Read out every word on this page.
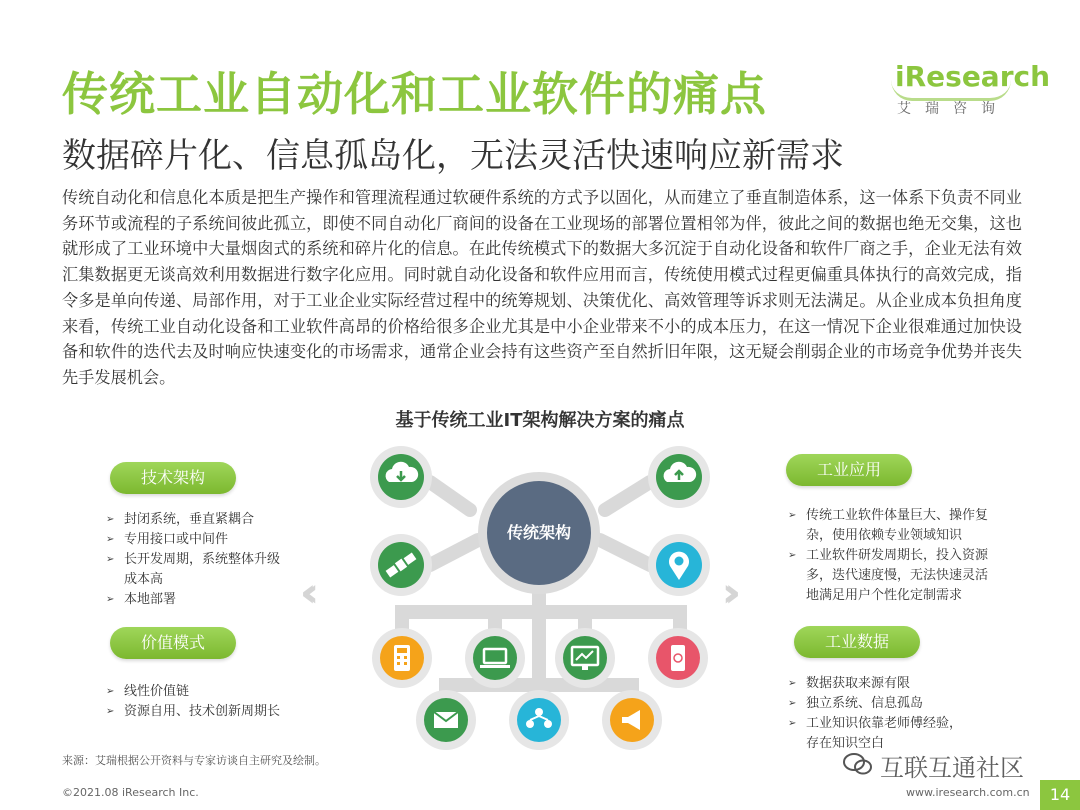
传统工业自动化和工业软件的痛点
数据碎片化、信息孤岛化，无法灵活快速响应新需求
iResearch
艾瑞咨询
传统自动化和信息化本质是把生产操作和管理流程通过软硬件系统的方式予以固化，从而建立了垂直制造体系，这一体系下负责不同业务环节或流程的子系统间彼此孤立，即使不同自动化厂商间的设备在工业现场的部署位置相邻为伴，彼此之间的数据也绝无交集，这也就形成了工业环境中大量烟囱式的系统和碎片化的信息。在此传统模式下的数据大多沉淀于自动化设备和软件厂商之手，企业无法有效汇集数据更无谈高效利用数据进行数字化应用。同时就自动化设备和软件应用而言，传统使用模式过程更偏重具体执行的高效完成，指令多是单向传递、局部作用，对于工业企业实际经营过程中的统筹规划、决策优化、高效管理等诉求则无法满足。从企业成本负担角度来看，传统工业自动化设备和工业软件高昂的价格给很多企业尤其是中小企业带来不小的成本压力，在这一情况下企业很难通过加快设备和软件的迭代去及时响应快速变化的市场需求，通常企业会持有这些资产至自然折旧年限，这无疑会削弱企业的市场竞争优势并丧失先手发展机会。
基于传统工业IT架构解决方案的痛点
传统架构
‹‹	››
技术架构
➢ 封闭系统，垂直紧耦合
➢ 专用接口或中间件
➢ 长开发周期，系统整体升级
成本高
➢ 本地部署
价值模式
➢ 线性价值链
➢ 资源自用、技术创新周期长
工业应用
➢ 传统工业软件体量巨大、操作复
杂，使用依赖专业领域知识
➢ 工业软件研发周期长，投入资源
多，迭代速度慢，无法快速灵活
地满足用户个性化定制需求
工业数据
➢ 数据获取来源有限
➢ 独立系统、信息孤岛
➢ 工业知识依靠老师傅经验，
存在知识空白
来源：艾瑞根据公开资料与专家访谈自主研究及绘制。
©2021.08 iResearch Inc.	www.iresearch.com.cn	14
互联互通社区
